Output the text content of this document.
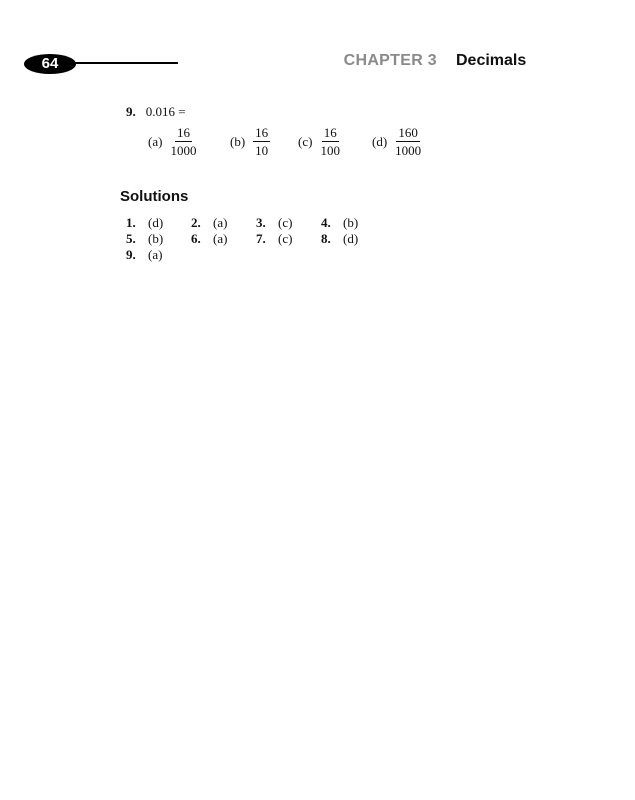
64	CHAPTER 3 Decimals
9. 0.016 =
$(a) \frac{16}{1000}$	$(b) \frac{16}{10} (c) \frac{16}{100} (d) \frac{160}{1000}$
Solutions
1. (d) 2. (a) 3. (c) 4. (b)
5. (b) 6. (a) 7. (c) 8. (d)
9. (a)
